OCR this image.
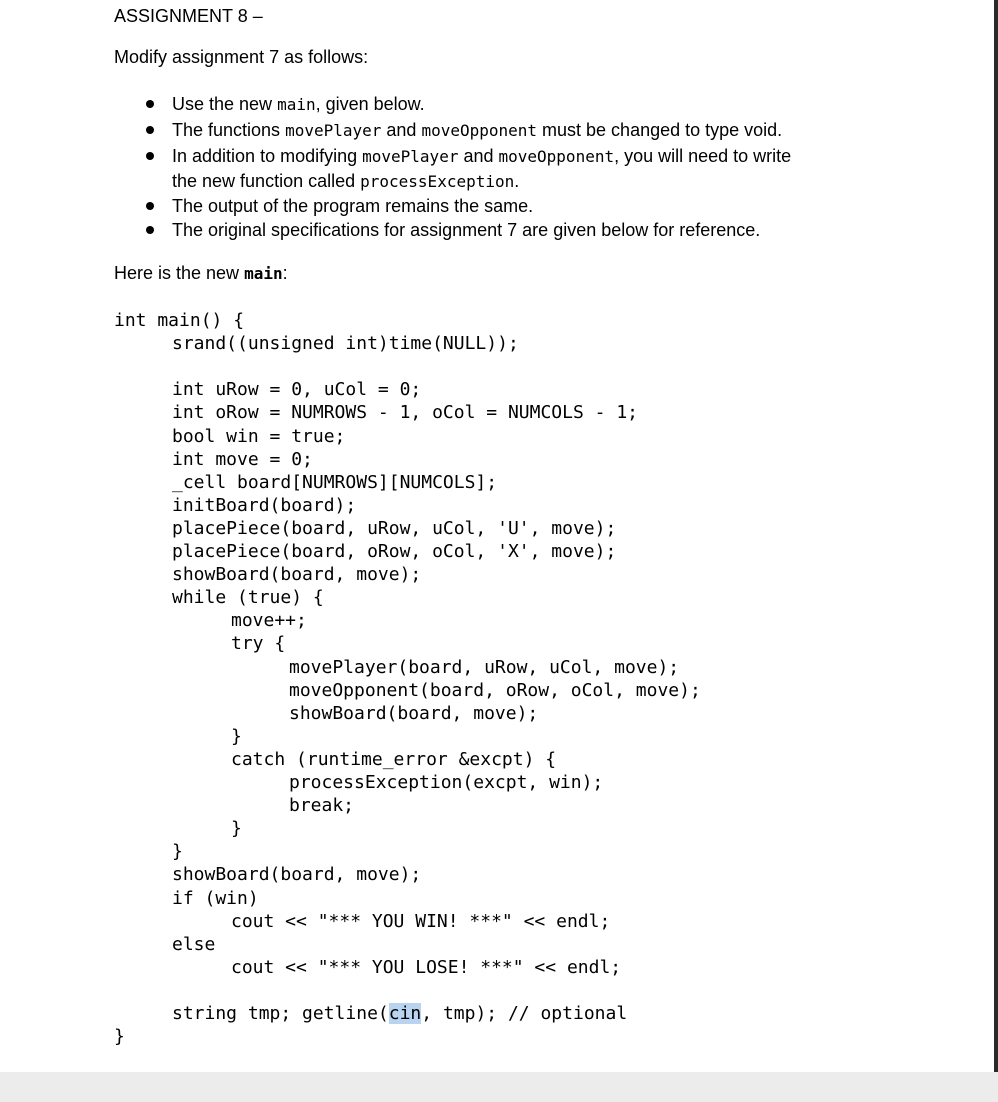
ASSIGNMENT 8 –
Modify assignment 7 as follows:
Use the new main, given below.
The functions movePlayer and moveOpponent must be changed to type void.
In addition to modifying movePlayer and moveOpponent, you will need to write
the new function called processException.
The output of the program remains the same.
The original specifications for assignment 7 are given below for reference.
Here is the new main:
int main() {
srand((unsigned int)time(NULL));
int uRow = 0, uCol = 0;
int oRow = NUMROWS - 1, oCol = NUMCOLS - 1;
bool win = true;
int move = 0;
_cell board[NUMROWS][NUMCOLS];
initBoard(board);
placePiece(board, uRow, uCol, 'U', move);
placePiece(board, oRow, oCol, 'X', move);
showBoard(board, move);
while (true) {
move++;
try {
movePlayer(board, uRow, uCol, move);
moveOpponent(board, oRow, oCol, move);
showBoard(board, move);
}
catch (runtime_error &excpt) {
processException(excpt, win);
break;
}
}
showBoard(board, move);
if (win)
cout << "*** YOU WIN! ***" << endl;
else
cout << "*** YOU LOSE! ***" << endl;
string tmp; getline(cin, tmp); // optional
}
